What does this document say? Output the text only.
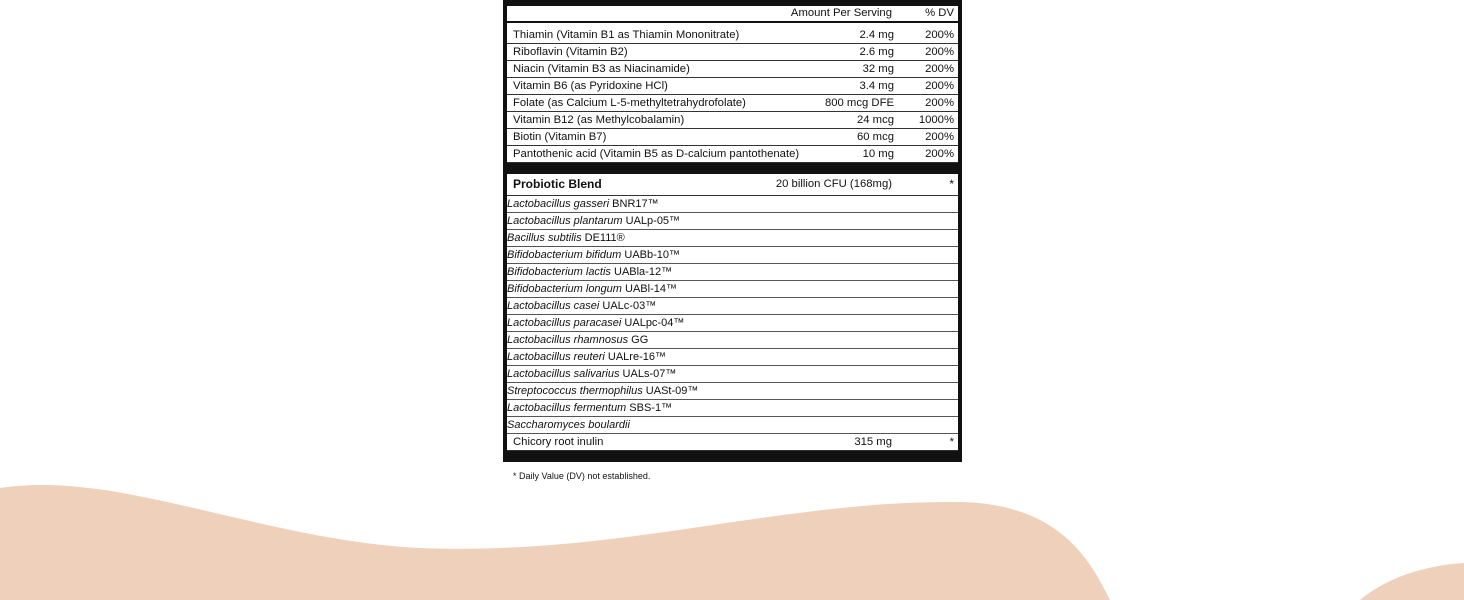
Amount Per Serving	% DV
Thiamin (Vitamin B1 as Thiamin Mononitrate)	2.4 mg	200%
Riboflavin (Vitamin B2)	2.6 mg	200%
Niacin (Vitamin B3 as Niacinamide)	32 mg	200%
Vitamin B6 (as Pyridoxine HCl)	3.4 mg	200%
Folate (as Calcium L-5-methyltetrahydrofolate)	800 mcg DFE	200%
Vitamin B12 (as Methylcobalamin)	24 mcg 1000%
Biotin (Vitamin B7)	60 mcg	200%
Pantothenic acid (Vitamin B5 as D-calcium pantothenate)	10 mg	200%
Probiotic Blend	20 billion CFU (168mg)	*
Lactobacillus gasseri BNR17™
Lactobacillus plantarum UALp-05™
Bacillus subtilis DE111®
Bifidobacterium bifidum UABb-10™
Bifidobacterium lactis UABla-12™
Bifidobacterium longum UABl-14™
Lactobacillus casei UALc-03™
Lactobacillus paracasei UALpc-04™
Lactobacillus rhamnosus GG
Lactobacillus reuteri UALre-16™
Lactobacillus salivarius UALs-07™
Streptococcus thermophilus UASt-09™
Lactobacillus fermentum SBS-1™
Saccharomyces boulardii
Chicory root inulin	315 mg	*
* Daily Value (DV) not established.
